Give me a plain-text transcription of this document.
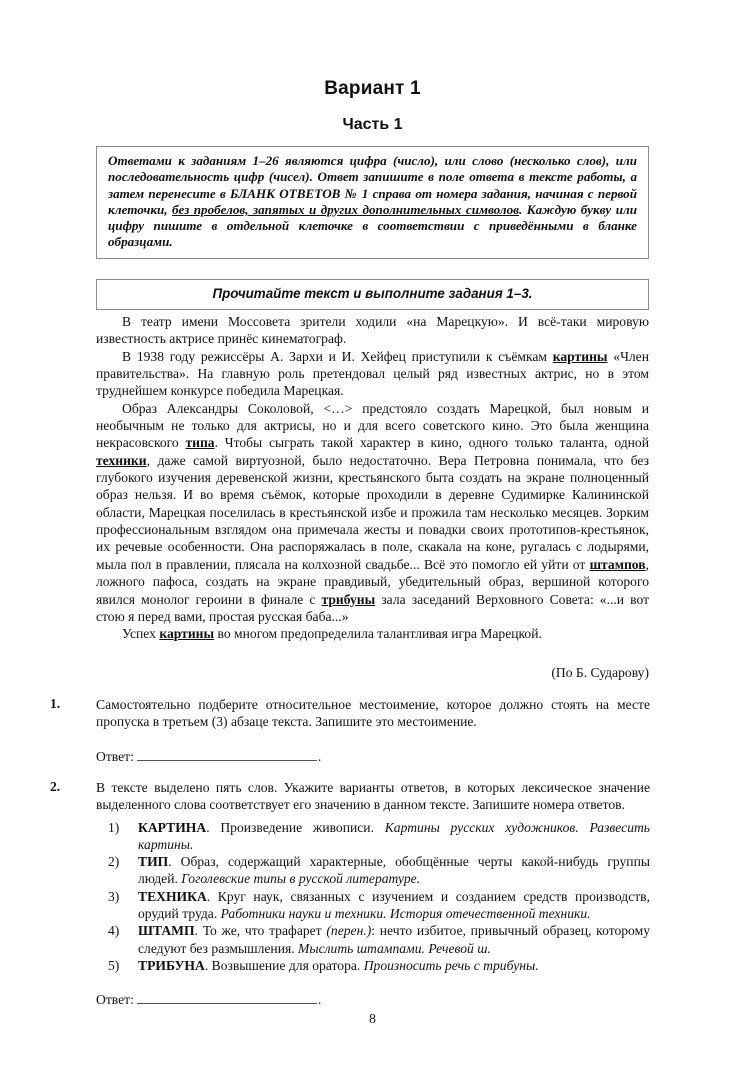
Вариант 1
Часть 1

Ответами к заданиям 1–26 являются цифра (число), или слово (несколько слов), или последовательность цифр (чисел). Ответ запишите в поле ответа в тексте работы, а затем перенесите в БЛАНК ОТВЕТОВ № 1 справа от номера задания, начиная с первой клеточки, без пробелов, запятых и других дополнительных символов. Каждую букву или цифру пишите в отдельной клеточке в соответствии с приведёнными в бланке образцами.

Прочитайте текст и выполните задания 1–3.

В театр имени Моссовета зрители ходили «на Марецкую». И всё-таки мировую известность актрисе принёс кинематограф.

В 1938 году режиссёры А. Зархи и И. Хейфец приступили к съёмкам картины «Член правительства». На главную роль претендовал целый ряд известных актрис, но в этом труднейшем конкурсе победила Марецкая.

Образ Александры Соколовой, <…> предстояло создать Марецкой, был новым и необычным не только для актрисы, но и для всего советского кино. Это была женщина некрасовского типа. Чтобы сыграть такой характер в кино, одного только таланта, одной техники, даже самой виртуозной, было недостаточно. Вера Петровна понимала, что без глубокого изучения деревенской жизни, крестьянского быта создать на экране полноценный образ нельзя. И во время съёмок, которые проходили в деревне Судимирке Калининской области, Марецкая поселилась в крестьянской избе и прожила там несколько месяцев. Зорким профессиональным взглядом она примечала жесты и повадки своих прототипов-крестьянок, их речевые особенности. Она распоряжалась в поле, скакала на коне, ругалась с лодырями, мыла пол в правлении, плясала на колхозной свадьбе... Всё это помогло ей уйти от штампов, ложного пафоса, создать на экране правдивый, убедительный образ, вершиной которого явился монолог героини в финале с трибуны зала заседаний Верховного Совета: «...и вот стою я перед вами, простая русская баба...»

Успех картины во многом предопределила талантливая игра Марецкой.

(По Б. Сударову)
1.	Самостоятельно подберите относительное местоимение, которое должно стоять на месте пропуска в третьем (3) абзаце текста. Запишите это местоимение.

Ответ:	.
2.	В тексте выделено пять слов. Укажите варианты ответов, в которых лексическое значение выделенного слова соответствует его значению в данном тексте. Запишите номера ответов.

1) КАРТИНА. Произведение живописи. Картины русских художников. Развесить картины.
2) ТИП. Образ, содержащий характерные, обобщённые черты какой-нибудь группы людей. Гоголевские типы в русской литературе.
3) ТЕХНИКА. Круг наук, связанных с изучением и созданием средств производств, орудий труда. Работники науки и техники. История отечественной техники.
4) ШТАМП. То же, что трафарет (перен.): нечто избитое, привычный образец, которому следуют без размышления. Мыслить штампами. Речевой ш.
5) ТРИБУНА. Возвышение для оратора. Произносить речь с трибуны.
Ответ:	.
8
